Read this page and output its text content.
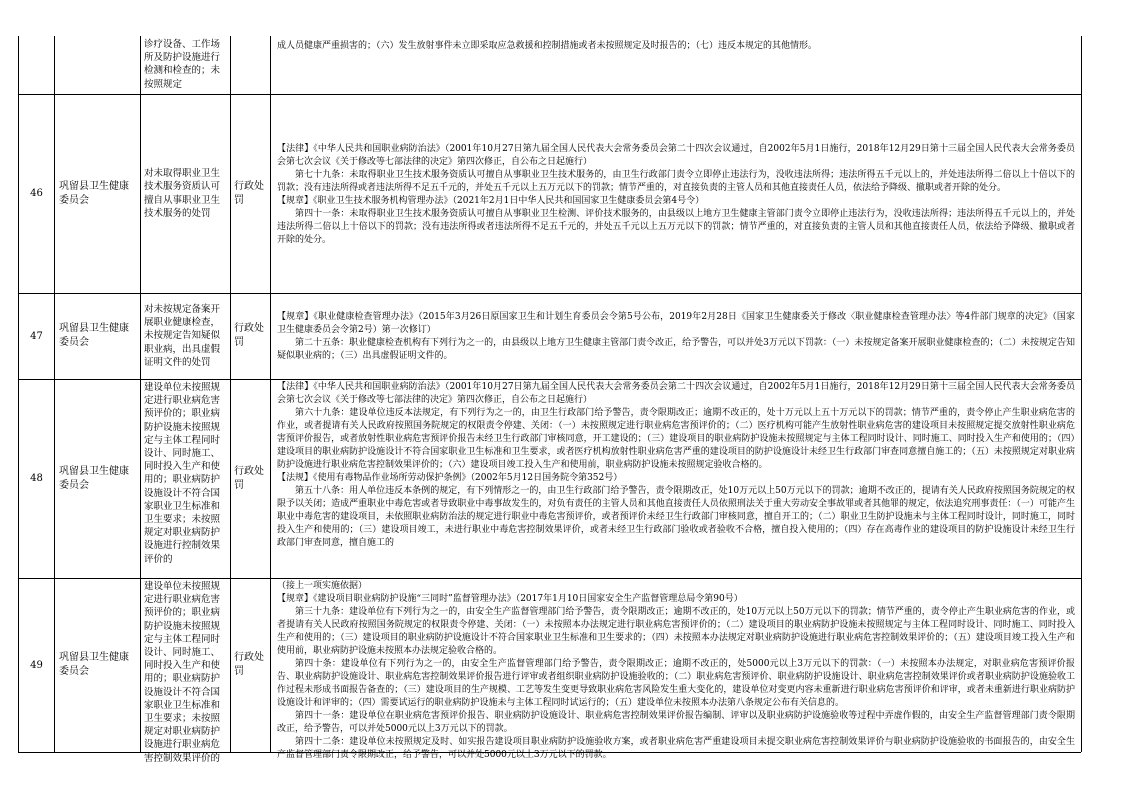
诊疗设备、工作场所及防护设施进行检测和检查的；未按照规定

成人员健康严重损害的；（六）发生放射事件未立即采取应急救援和控制措施或者未按照规定及时报告的；（七）违反本规定的其他情形。

46
巩留县卫生健康委员会
对未取得职业卫生技术服务资质认可擅自从事职业卫生技术服务的处罚
行政处罚

【法律】《中华人民共和国职业病防治法》（2001年10月27日第九届全国人民代表大会常务委员会第二十四次会议通过，自2002年5月1日施行，2018年12月29日第十三届全国人民代表大会常务委员会第七次会议《关于修改等七部法律的决定》第四次修正，自公布之日起施行）

第七十九条：未取得职业卫生技术服务资质认可擅自从事职业卫生技术服务的，由卫生行政部门责令立即停止违法行为，没收违法所得；违法所得五千元以上的，并处违法所得二倍以上十倍以下的罚款；没有违法所得或者违法所得不足五千元的，并处五千元以上五万元以下的罚款；情节严重的，对直接负责的主管人员和其他直接责任人员，依法给予降级、撤职或者开除的处分。

【规章】《职业卫生技术服务机构管理办法》（2021年2月1日中华人民共和国国家卫生健康委员会第4号令）

第四十一条：未取得职业卫生技术服务资质认可擅自从事职业卫生检测、评价技术服务的，由县级以上地方卫生健康主管部门责令立即停止违法行为，没收违法所得；违法所得五千元以上的，并处违法所得二倍以上十倍以下的罚款；没有违法所得或者违法所得不足五千元的，并处五千元以上五万元以下的罚款；情节严重的，对直接负责的主管人员和其他直接责任人员，依法给予降级、撤职或者开除的处分。

47
巩留县卫生健康委员会
对未按规定备案开展职业健康检查，未按规定告知疑似职业病，出具虚假证明文件的处罚
行政处罚

【规章】《职业健康检查管理办法》（2015年3月26日原国家卫生和计划生育委员会令第5号公布，2019年2月28日《国家卫生健康委关于修改〈职业健康检查管理办法〉等4件部门规章的决定》（国家卫生健康委员会令第2号）第一次修订）

第二十五条：职业健康检查机构有下列行为之一的，由县级以上地方卫生健康主管部门责令改正，给予警告，可以并处3万元以下罚款：（一）未按规定备案开展职业健康检查的；（二）未按规定告知疑似职业病的；（三）出具虚假证明文件的。

48
巩留县卫生健康委员会
建设单位未按照规定进行职业病危害预评价的；职业病防护设施未按照规定与主体工程同时设计、同时施工、同时投入生产和使用的；职业病防护设施设计不符合国家职业卫生标准和卫生要求；未按照规定对职业病防护设施进行控制效果评价的
行政处罚

【法律】《中华人民共和国职业病防治法》（2001年10月27日第九届全国人民代表大会常务委员会第二十四次会议通过，自2002年5月1日施行，2018年12月29日第十三届全国人民代表大会常务委员会第七次会议《关于修改等七部法律的决定》第四次修正，自公布之日起施行）

第六十九条：建设单位违反本法规定，有下列行为之一的，由卫生行政部门给予警告，责令限期改正；逾期不改正的，处十万元以上五十万元以下的罚款；情节严重的，责令停止产生职业病危害的作业，或者提请有关人民政府按照国务院规定的权限责令停建、关闭：（一）未按照规定进行职业病危害预评价的；（二）医疗机构可能产生放射性职业病危害的建设项目未按照规定提交放射性职业病危害预评价报告，或者放射性职业病危害预评价报告未经卫生行政部门审核同意，开工建设的；（三）建设项目的职业病防护设施未按照规定与主体工程同时设计、同时施工、同时投入生产和使用的；（四）建设项目的职业病防护设施设计不符合国家职业卫生标准和卫生要求，或者医疗机构放射性职业病危害严重的建设项目的防护设施设计未经卫生行政部门审查同意擅自施工的；（五）未按照规定对职业病防护设施进行职业病危害控制效果评价的；（六）建设项目竣工投入生产和使用前，职业病防护设施未按照规定验收合格的。

【法规】《使用有毒物品作业场所劳动保护条例》（2002年5月12日国务院令第352号）

第五十八条：用人单位违反本条例的规定，有下列情形之一的，由卫生行政部门给予警告，责令限期改正，处10万元以上50万元以下的罚款；逾期不改正的，提请有关人民政府按照国务院规定的权限予以关闭；造成严重职业中毒危害或者导致职业中毒事故发生的，对负有责任的主管人员和其他直接责任人员依照刑法关于重大劳动安全事故罪或者其他罪的规定，依法追究刑事责任：（一）可能产生职业中毒危害的建设项目，未依照职业病防治法的规定进行职业中毒危害预评价，或者预评价未经卫生行政部门审核同意，擅自开工的；（二）职业卫生防护设施未与主体工程同时设计，同时施工，同时投入生产和使用的；（三）建设项目竣工，未进行职业中毒危害控制效果评价，或者未经卫生行政部门验收或者验收不合格，擅自投入使用的；（四）存在高毒作业的建设项目的防护设施设计未经卫生行政部门审查同意，擅自施工的

49
巩留县卫生健康委员会
建设单位未按照规定进行职业病危害预评价的；职业病防护设施未按照规定与主体工程同时设计、同时施工、同时投入生产和使用的；职业病防护设施设计不符合国家职业卫生标准和卫生要求；未按照规定对职业病防护设施进行职业病危害控制效果评价的
行政处罚

（接上一项实施依据）

【规章】《建设项目职业病防护设施“三同时”监督管理办法》（2017年1月10日国家安全生产监督管理总局令第90号）

第三十九条：建设单位有下列行为之一的，由安全生产监督管理部门给予警告，责令限期改正；逾期不改正的，处10万元以上50万元以下的罚款；情节严重的，责令停止产生职业病危害的作业，或者提请有关人民政府按照国务院规定的权限责令停建、关闭：（一）未按照本办法规定进行职业病危害预评价的；（二）建设项目的职业病防护设施未按照规定与主体工程同时设计、同时施工、同时投入生产和使用的；（三）建设项目的职业病防护设施设计不符合国家职业卫生标准和卫生要求的；（四）未按照本办法规定对职业病防护设施进行职业病危害控制效果评价的；（五）建设项目竣工投入生产和使用前，职业病防护设施未按照本办法规定验收合格的。

第四十条：建设单位有下列行为之一的，由安全生产监督管理部门给予警告，责令限期改正；逾期不改正的，处5000元以上3万元以下的罚款：（一）未按照本办法规定，对职业病危害预评价报告、职业病防护设施设计、职业病危害控制效果评价报告进行评审或者组织职业病防护设施验收的；（二）职业病危害预评价、职业病防护设施设计、职业病危害控制效果评价或者职业病防护设施验收工作过程未形成书面报告备查的；（三）建设项目的生产规模、工艺等发生变更导致职业病危害风险发生重大变化的，建设单位对变更内容未重新进行职业病危害预评价和评审，或者未重新进行职业病防护设施设计和评审的；（四）需要试运行的职业病防护设施未与主体工程同时试运行的；（五）建设单位未按照本办法第八条规定公布有关信息的。

第四十一条：建设单位在职业病危害预评价报告、职业病防护设施设计、职业病危害控制效果评价报告编制、评审以及职业病防护设施验收等过程中弄虚作假的，由安全生产监督管理部门责令限期改正，给予警告，可以并处5000元以上3万元以下的罚款。

第四十二条：建设单位未按照规定及时、如实报告建设项目职业病防护设施验收方案，或者职业病危害严重建设项目未提交职业病危害控制效果评价与职业病防护设施验收的书面报告的，由安全生产监督管理部门责令限期改正，给予警告，可以并处5000元以上3万元以下的罚款。
